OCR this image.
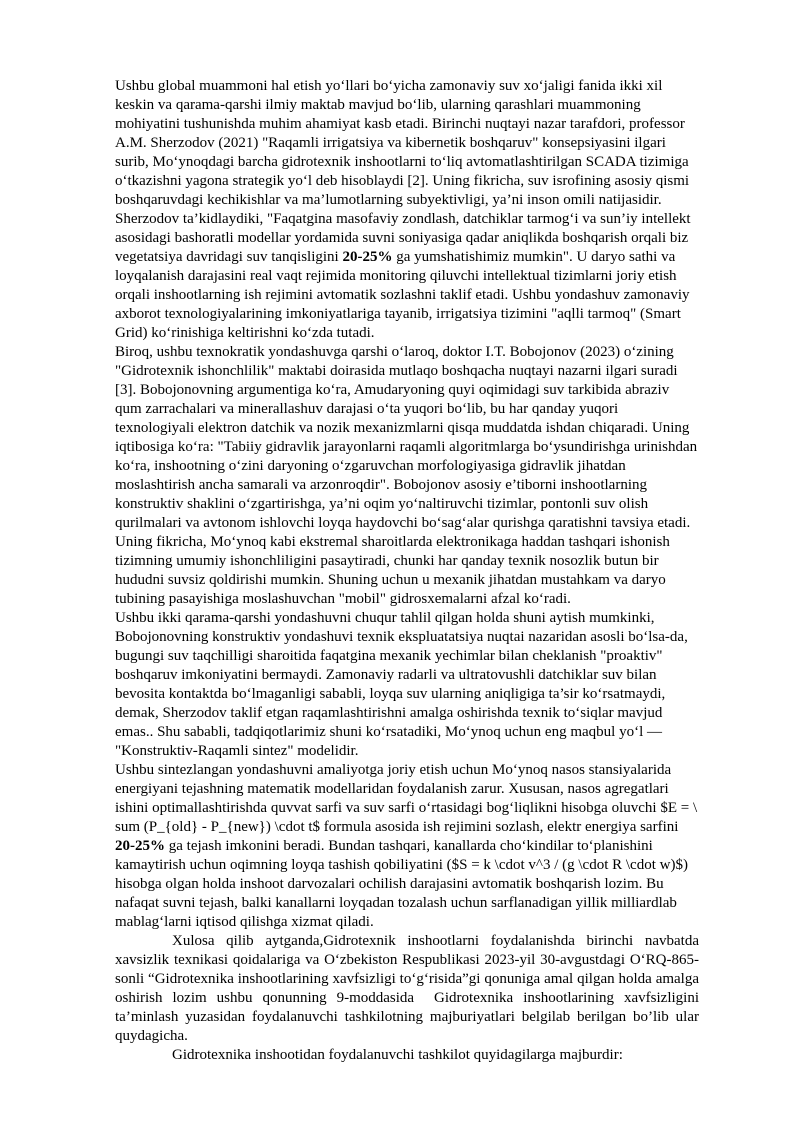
Ushbu global muammoni hal etish yoʻllari boʻyicha zamonaviy suv xoʻjaligi fanida ikki xil keskin va qarama-qarshi ilmiy maktab mavjud boʻlib, ularning qarashlari muammoning mohiyatini tushunishda muhim ahamiyat kasb etadi. Birinchi nuqtayi nazar tarafdori, professor A.M. Sherzodov (2021) "Raqamli irrigatsiya va kibernetik boshqaruv" konsepsiyasini ilgari surib, Moʻynoqdagi barcha gidrotexnik inshootlarni toʻliq avtomatlashtirilgan SCADA tizimiga oʻtkazishni yagona strategik yoʻl deb hisoblaydi [2]. Uning fikricha, suv isrofining asosiy qismi boshqaruvdagi kechikishlar va ma’lumotlarning subyektivligi, ya’ni inson omili natijasidir. Sherzodov ta’kidlaydiki, "Faqatgina masofaviy zondlash, datchiklar tarmogʻi va sun’iy intellekt asosidagi bashoratli modellar yordamida suvni soniyasiga qadar aniqlikda boshqarish orqali biz vegetatsiya davridagi suv tanqisligini 20-25% ga yumshatishimiz mumkin". U daryo sathi va loyqalanish darajasini real vaqt rejimida monitoring qiluvchi intellektual tizimlarni joriy etish orqali inshootlarning ish rejimini avtomatik sozlashni taklif etadi. Ushbu yondashuv zamonaviy axborot texnologiyalarining imkoniyatlariga tayanib, irrigatsiya tizimini "aqlli tarmoq" (Smart Grid) koʻrinishiga keltirishni koʻzda tutadi.

Biroq, ushbu texnokratik yondashuvga qarshi oʻlaroq, doktor I.T. Bobojonov (2023) oʻzining "Gidrotexnik ishonchlilik" maktabi doirasida mutlaqo boshqacha nuqtayi nazarni ilgari suradi [3]. Bobojonovning argumentiga koʻra, Amudaryoning quyi oqimidagi suv tarkibida abraziv qum zarrachalari va minerallashuv darajasi oʻta yuqori boʻlib, bu har qanday yuqori texnologiyali elektron datchik va nozik mexanizmlarni qisqa muddatda ishdan chiqaradi. Uning iqtibosiga koʻra: "Tabiiy gidravlik jarayonlarni raqamli algoritmlarga boʻysundirishga urinishdan koʻra, inshootning oʻzini daryoning oʻzgaruvchan morfologiyasiga gidravlik jihatdan moslashtirish ancha samarali va arzonroqdir". Bobojonov asosiy e’tiborni inshootlarning konstruktiv shaklini oʻzgartirishga, ya’ni oqim yoʻnaltiruvchi tizimlar, pontonli suv olish qurilmalari va avtonom ishlovchi loyqa haydovchi boʻsagʻalar qurishga qaratishni tavsiya etadi. Uning fikricha, Moʻynoq kabi ekstremal sharoitlarda elektronikaga haddan tashqari ishonish tizimning umumiy ishonchliligini pasaytiradi, chunki har qanday texnik nosozlik butun bir hududni suvsiz qoldirishi mumkin. Shuning uchun u mexanik jihatdan mustahkam va daryo tubining pasayishiga moslashuvchan "mobil" gidrosxemalarni afzal koʻradi.

Ushbu ikki qarama-qarshi yondashuvni chuqur tahlil qilgan holda shuni aytish mumkinki, Bobojonovning konstruktiv yondashuvi texnik ekspluatatsiya nuqtai nazaridan asosli boʻlsa-da, bugungi suv taqchilligi sharoitida faqatgina mexanik yechimlar bilan cheklanish "proaktiv" boshqaruv imkoniyatini bermaydi. Zamonaviy radarli va ultratovushli datchiklar suv bilan bevosita kontaktda boʻlmaganligi sababli, loyqa suv ularning aniqligiga ta’sir koʻrsatmaydi, demak, Sherzodov taklif etgan raqamlashtirishni amalga oshirishda texnik toʻsiqlar mavjud emas.. Shu sababli, tadqiqotlarimiz shuni koʻrsatadiki, Moʻynoq uchun eng maqbul yoʻl — "Konstruktiv-Raqamli sintez" modelidir.

Ushbu sintezlangan yondashuvni amaliyotga joriy etish uchun Moʻynoq nasos stansiyalarida energiyani tejashning matematik modellaridan foydalanish zarur. Xususan, nasos agregatlari ishini optimallashtirishda quvvat sarfi va suv sarfi oʻrtasidagi bogʻliqlikni hisobga oluvchi $E = \ sum (P_{old} - P_{new}) \cdot t$ formula asosida ish rejimini sozlash, elektr energiya sarfini 20-25% ga tejash imkonini beradi. Bundan tashqari, kanallarda choʻkindilar toʻplanishini kamaytirish uchun oqimning loyqa tashish qobiliyatini ($S = k \cdot v^3 / (g \cdot R \cdot w)$) hisobga olgan holda inshoot darvozalari ochilish darajasini avtomatik boshqarish lozim. Bu nafaqat suvni tejash, balki kanallarni loyqadan tozalash uchun sarflanadigan yillik milliardlab mablagʻlarni iqtisod qilishga xizmat qiladi.

Xulosa qilib aytganda,Gidrotexnik inshootlarni foydalanishda birinchi navbatda xavsizlik texnikasi qoidalariga va Oʻzbekiston Respublikasi 2023-yil 30-avgustdagi OʻRQ-865-sonli “Gidrotexnika inshootlarining xavfsizligi toʻgʻrisida”gi qonuniga amal qilgan holda amalga oshirish lozim ushbu qonunning 9-moddasida  Gidrotexnika inshootlarining xavfsizligini ta’minlash yuzasidan foydalanuvchi tashkilotning majburiyatlari belgilab berilgan bo’lib ular quydagicha.

Gidrotexnika inshootidan foydalanuvchi tashkilot quyidagilarga majburdir:
